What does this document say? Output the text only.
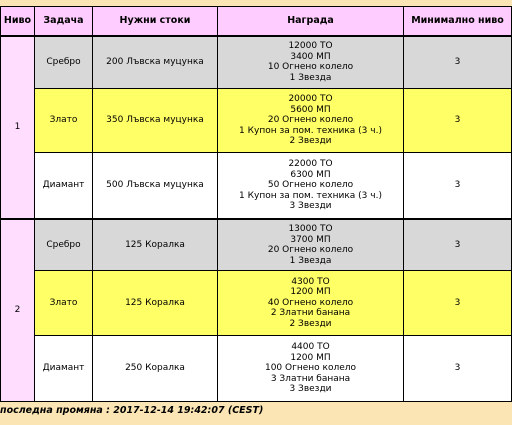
Ниво	Задача	Нужни стоки	Награда	Минимално ниво
1	Сребро	200 Лъвска муцунка	12000 ТО
3400 МП
10 Огнено колело
1 Звезда	3
	Злато	350 Лъвска муцунка	20000 ТО
5600 МП
20 Огнено колело
1 Купон за пом. техника (3 ч.)
2 Звезди	3
	Диамант	500 Лъвска муцунка	22000 ТО
6300 МП
50 Огнено колело
1 Купон за пом. техника (3 ч.)
3 Звезди	3
2	Сребро	125 Коралка	13000 ТО
3700 МП
20 Огнено колело
1 Звезда	3
	Злато	125 Коралка	4300 ТО
1200 МП
40 Огнено колело
2 Златни банана
2 Звезди	3
	Диамант	250 Коралка	4400 ТО
1200 МП
100 Огнено колело
3 Златни банана
3 Звезди	3
последна промяна : 2017-12-14 19:42:07 (CEST)
